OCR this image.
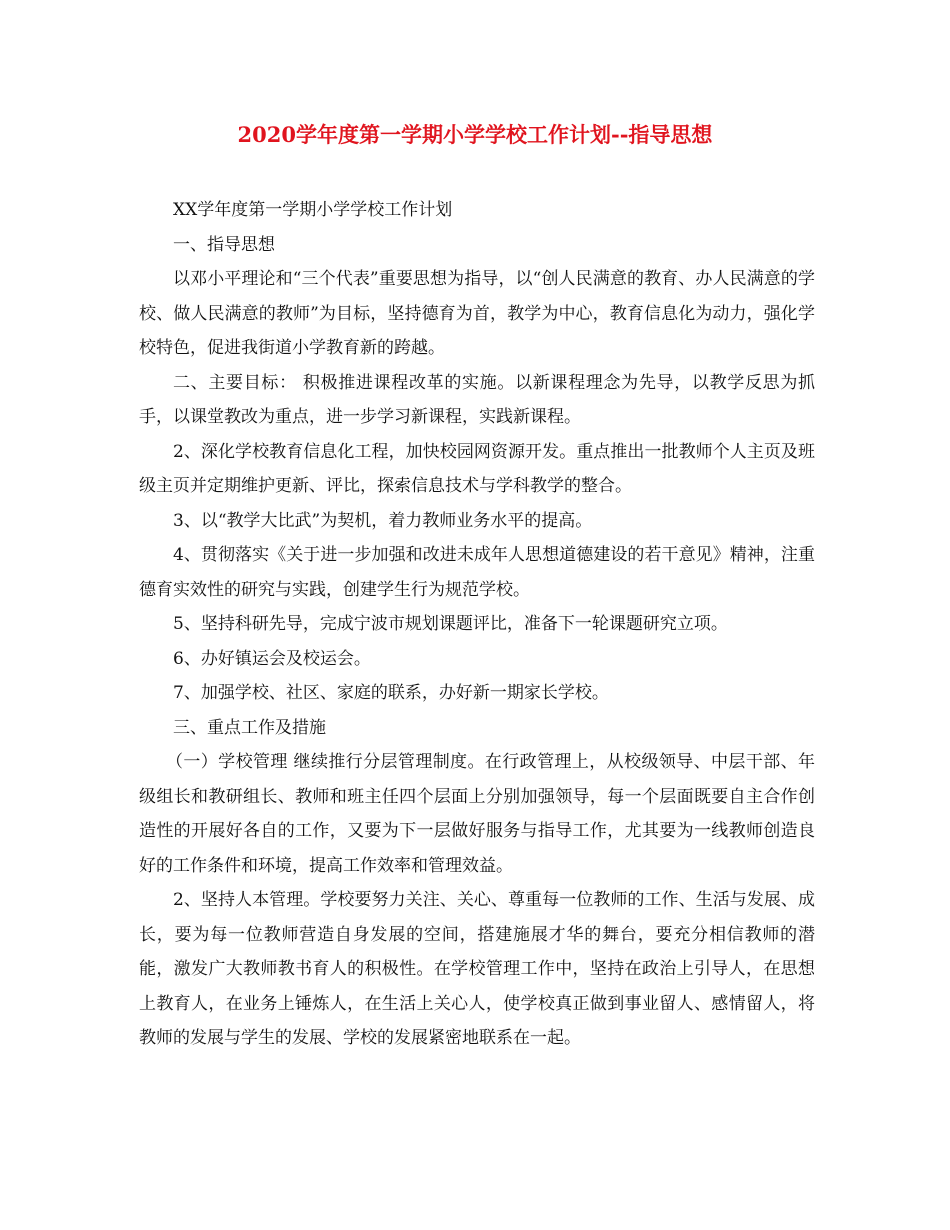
2020学年度第一学期小学学校工作计划--指导思想

XX学年度第一学期小学学校工作计划

一、指导思想

以邓小平理论和“三个代表”重要思想为指导，以“创人民满意的教育、办人民满意的学校、做人民满意的教师”为目标，坚持德育为首，教学为中心，教育信息化为动力，强化学校特色，促进我街道小学教育新的跨越。

二、主要目标： 积极推进课程改革的实施。以新课程理念为先导，以教学反思为抓手，以课堂教改为重点，进一步学习新课程，实践新课程。

2、深化学校教育信息化工程，加快校园网资源开发。重点推出一批教师个人主页及班级主页并定期维护更新、评比，探索信息技术与学科教学的整合。

3、以“教学大比武”为契机，着力教师业务水平的提高。

4、贯彻落实《关于进一步加强和改进未成年人思想道德建设的若干意见》精神，注重德育实效性的研究与实践，创建学生行为规范学校。

5、坚持科研先导，完成宁波市规划课题评比，准备下一轮课题研究立项。

6、办好镇运会及校运会。

7、加强学校、社区、家庭的联系，办好新一期家长学校。

三、重点工作及措施

（一）学校管理 继续推行分层管理制度。在行政管理上，从校级领导、中层干部、年级组长和教研组长、教师和班主任四个层面上分别加强领导，每一个层面既要自主合作创造性的开展好各自的工作，又要为下一层做好服务与指导工作，尤其要为一线教师创造良好的工作条件和环境，提高工作效率和管理效益。

2、坚持人本管理。学校要努力关注、关心、尊重每一位教师的工作、生活与发展、成长，要为每一位教师营造自身发展的空间，搭建施展才华的舞台，要充分相信教师的潜能，激发广大教师教书育人的积极性。在学校管理工作中，坚持在政治上引导人，在思想上教育人，在业务上锤炼人，在生活上关心人，使学校真正做到事业留人、感情留人，将教师的发展与学生的发展、学校的发展紧密地联系在一起。
